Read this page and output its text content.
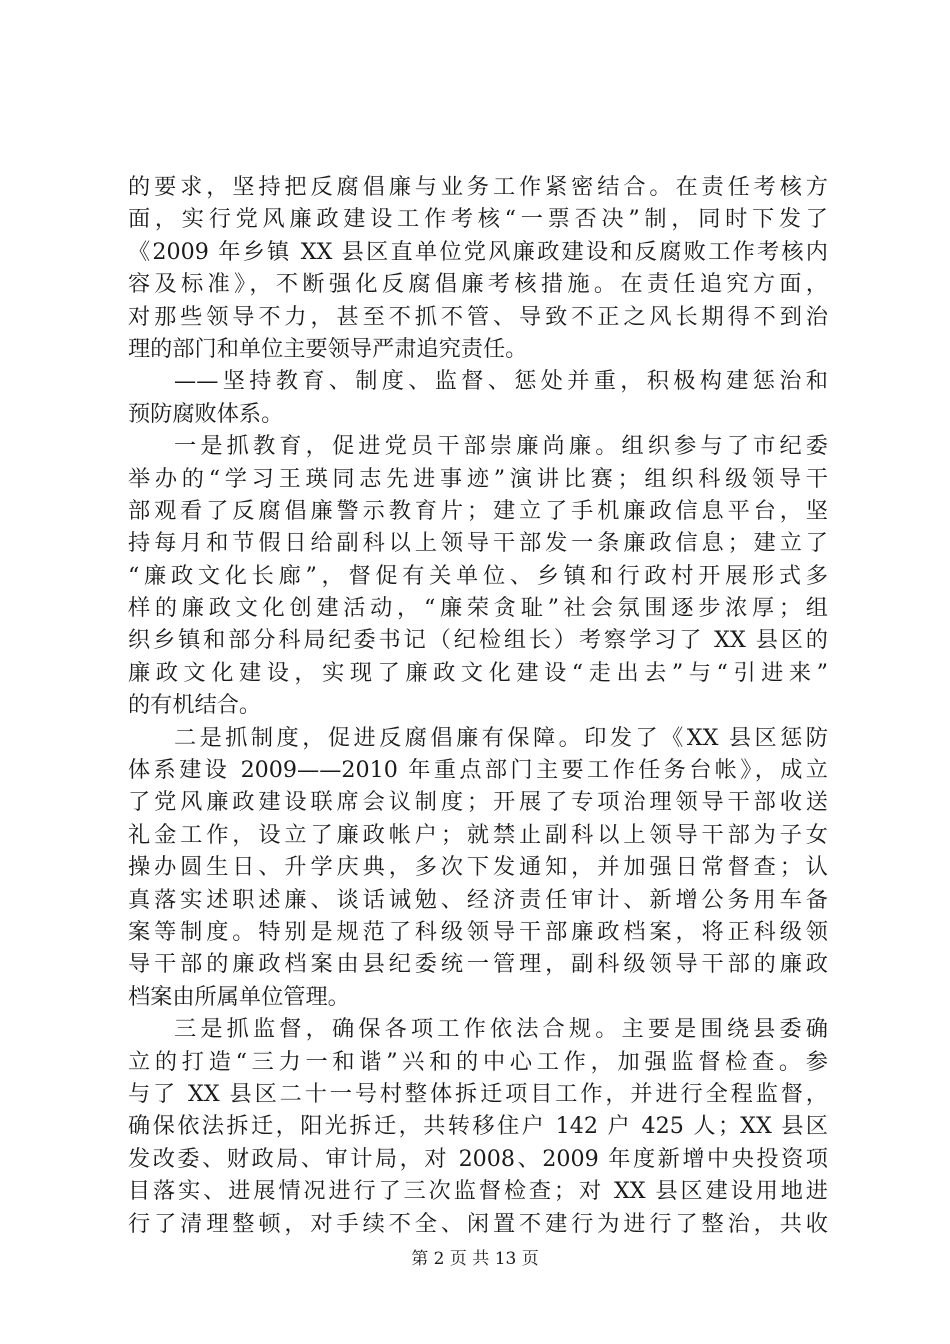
的要求，坚持把反腐倡廉与业务工作紧密结合。在责任考核方
面，实行党风廉政建设工作考核“一票否决”制，同时下发了
《2009 年乡镇 XX 县区直单位党风廉政建设和反腐败工作考核内
容及标准》，不断强化反腐倡廉考核措施。在责任追究方面，
对那些领导不力，甚至不抓不管、导致不正之风长期得不到治
理的部门和单位主要领导严肃追究责任。
——坚持教育、制度、监督、惩处并重，积极构建惩治和
预防腐败体系。
一是抓教育，促进党员干部崇廉尚廉。组织参与了市纪委
举办的“学习王瑛同志先进事迹”演讲比赛；组织科级领导干
部观看了反腐倡廉警示教育片；建立了手机廉政信息平台，坚
持每月和节假日给副科以上领导干部发一条廉政信息；建立了
“廉政文化长廊”，督促有关单位、乡镇和行政村开展形式多
样的廉政文化创建活动，“廉荣贪耻”社会氛围逐步浓厚；组
织乡镇和部分科局纪委书记（纪检组长）考察学习了 XX 县区的
廉政文化建设，实现了廉政文化建设“走出去”与“引进来”
的有机结合。
二是抓制度，促进反腐倡廉有保障。印发了《XX 县区惩防
体系建设 2009——2010 年重点部门主要工作任务台帐》，成立
了党风廉政建设联席会议制度；开展了专项治理领导干部收送
礼金工作，设立了廉政帐户；就禁止副科以上领导干部为子女
操办圆生日、升学庆典，多次下发通知，并加强日常督查；认
真落实述职述廉、谈话诫勉、经济责任审计、新增公务用车备
案等制度。特别是规范了科级领导干部廉政档案，将正科级领
导干部的廉政档案由县纪委统一管理，副科级领导干部的廉政
档案由所属单位管理。
三是抓监督，确保各项工作依法合规。主要是围绕县委确
立的打造“三力一和谐”兴和的中心工作，加强监督检查。参
与了 XX 县区二十一号村整体拆迁项目工作，并进行全程监督，
确保依法拆迁，阳光拆迁，共转移住户 142 户 425 人；XX 县区
发改委、财政局、审计局，对 2008、2009 年度新增中央投资项
目落实、进展情况进行了三次监督检查；对 XX 县区建设用地进
行了清理整顿，对手续不全、闲置不建行为进行了整治，共收
第 2 页 共 13 页
